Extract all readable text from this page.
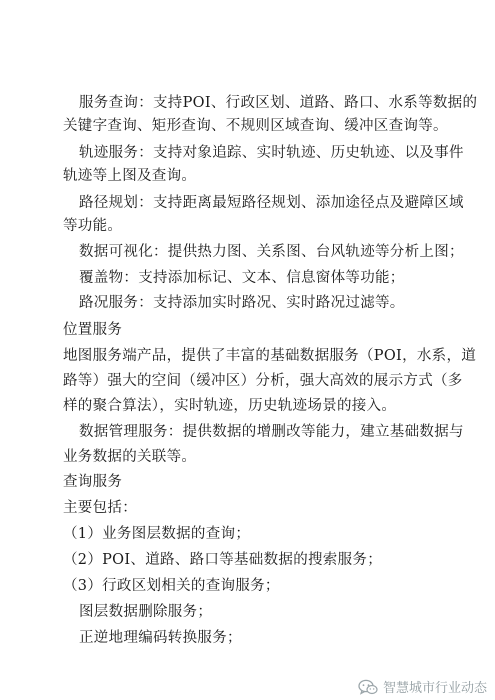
服务查询：支持POI、行政区划、道路、路口、水系等数据的
关键字查询、矩形查询、不规则区域查询、缓冲区查询等。
轨迹服务：支持对象追踪、实时轨迹、历史轨迹、以及事件
轨迹等上图及查询。
路径规划：支持距离最短路径规划、添加途径点及避障区域
等功能。
数据可视化：提供热力图、关系图、台风轨迹等分析上图；
覆盖物：支持添加标记、文本、信息窗体等功能；
路况服务：支持添加实时路况、实时路况过滤等。
位置服务
地图服务端产品，提供了丰富的基础数据服务（POI，水系，道
路等）强大的空间（缓冲区）分析，强大高效的展示方式（多
样的聚合算法），实时轨迹，历史轨迹场景的接入。
数据管理服务：提供数据的增删改等能力，建立基础数据与
业务数据的关联等。
查询服务
主要包括：
（1）业务图层数据的查询；
（2）POI、道路、路口等基础数据的搜索服务；
（3）行政区划相关的查询服务；
图层数据删除服务；
正逆地理编码转换服务；
智慧城市行业动态
